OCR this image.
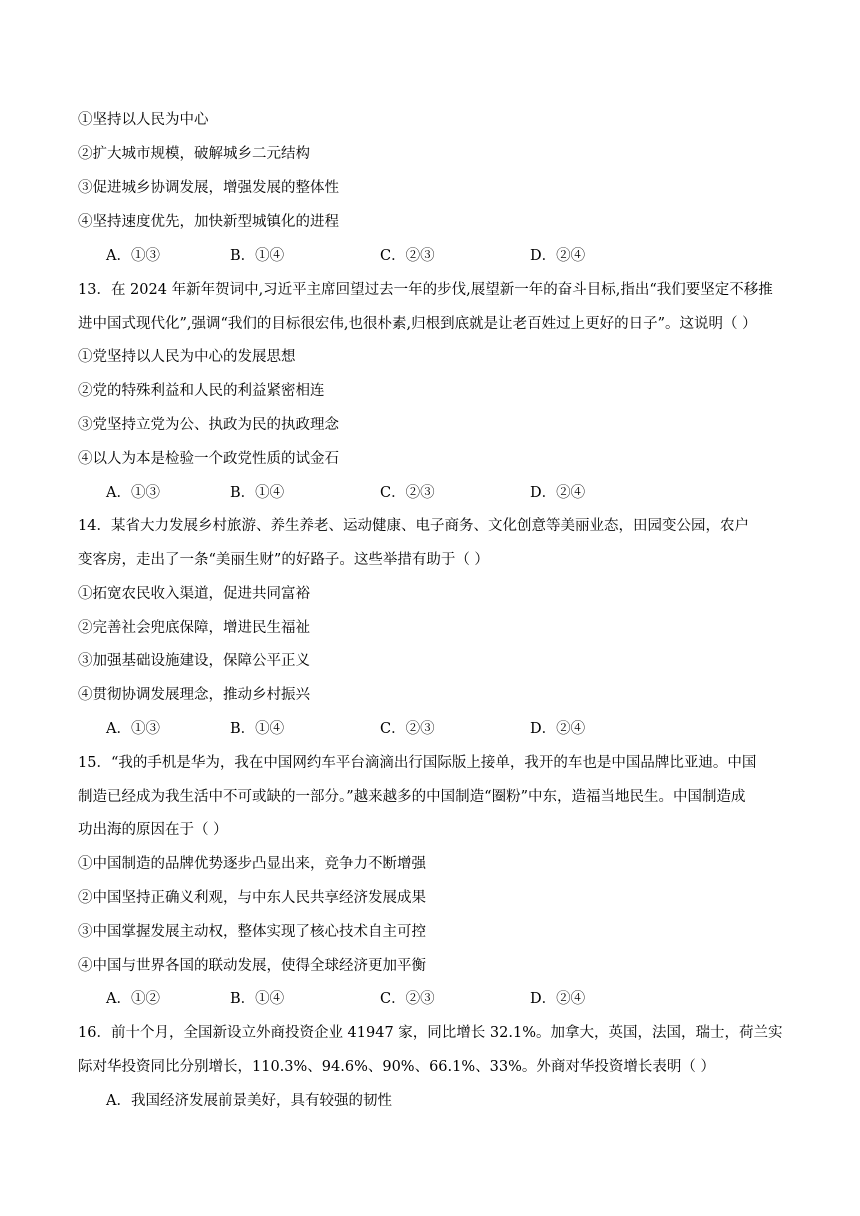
①坚持以人民为中心
②扩大城市规模，破解城乡二元结构
③促进城乡协调发展，增强发展的整体性
④坚持速度优先，加快新型城镇化的进程
A．①③	B．①④	C．②③	D．②④
13．在 2024 年新年贺词中,习近平主席回望过去一年的步伐,展望新一年的奋斗目标,指出“我们要坚定不移推
进中国式现代化”,强调“我们的目标很宏伟,也很朴素,归根到底就是让老百姓过上更好的日子”。这说明（ ）
①党坚持以人民为中心的发展思想
②党的特殊利益和人民的利益紧密相连
③党坚持立党为公、执政为民的执政理念
④以人为本是检验一个政党性质的试金石
A．①③	B．①④	C．②③	D．②④
14．某省大力发展乡村旅游、养生养老、运动健康、电子商务、文化创意等美丽业态，田园变公园，农户
变客房，走出了一条“美丽生财”的好路子。这些举措有助于（ ）
①拓宽农民收入渠道，促进共同富裕
②完善社会兜底保障，增进民生福祉
③加强基础设施建设，保障公平正义
④贯彻协调发展理念，推动乡村振兴
A．①③	B．①④	C．②③	D．②④
15．“我的手机是华为，我在中国网约车平台滴滴出行国际版上接单，我开的车也是中国品牌比亚迪。中国
制造已经成为我生活中不可或缺的一部分。”越来越多的中国制造“圈粉”中东，造福当地民生。中国制造成
功出海的原因在于（ ）
①中国制造的品牌优势逐步凸显出来，竞争力不断增强
②中国坚持正确义利观，与中东人民共享经济发展成果
③中国掌握发展主动权，整体实现了核心技术自主可控
④中国与世界各国的联动发展，使得全球经济更加平衡
A．①②	B．①④	C．②③	D．②④
16．前十个月，全国新设立外商投资企业 41947 家，同比增长 32.1%。加拿大，英国，法国，瑞士，荷兰实
际对华投资同比分别增长，110.3%、94.6%、90%、66.1%、33%。外商对华投资增长表明（ ）
A．我国经济发展前景美好，具有较强的韧性
